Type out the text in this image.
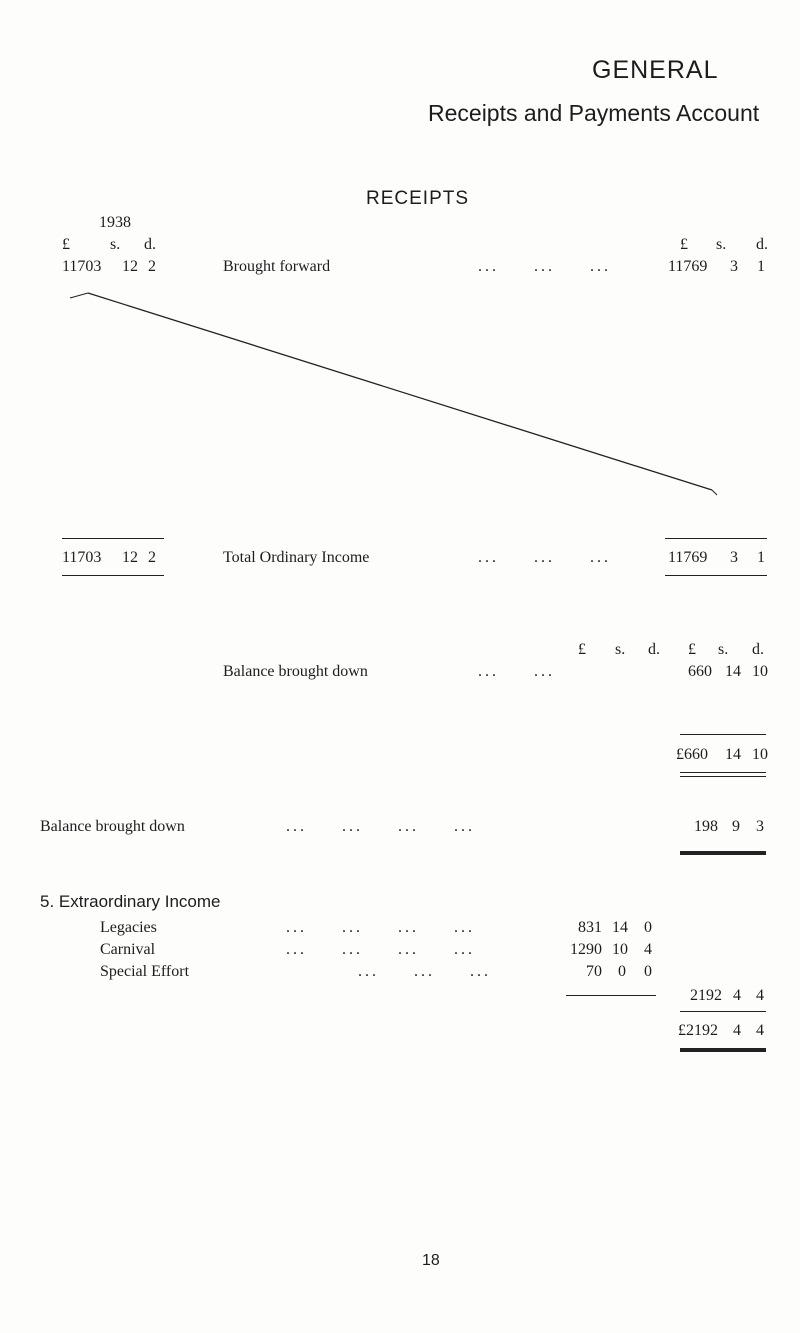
GENERAL
Receipts and Payments Account
RECEIPTS
1938
£	s. d.	£ s. d.
11703 12 2	Brought forward	... ... ...	11769 3 1
11703 12 2	Total Ordinary Income	... ... ...	11769 3 1
£ s. d. £ s. d.
Balance brought down	... ...	660 14 10
£660 14 10
Balance brought down	... ... ... ...	198 9 3
5. Extraordinary Income
Legacies	... ... ... ...	831 14 0
Carnival	... ... ... ...	1290 10 4
Special Effort	... ... ...	70 0 0
2192 4 4
£2192 4 4
18
